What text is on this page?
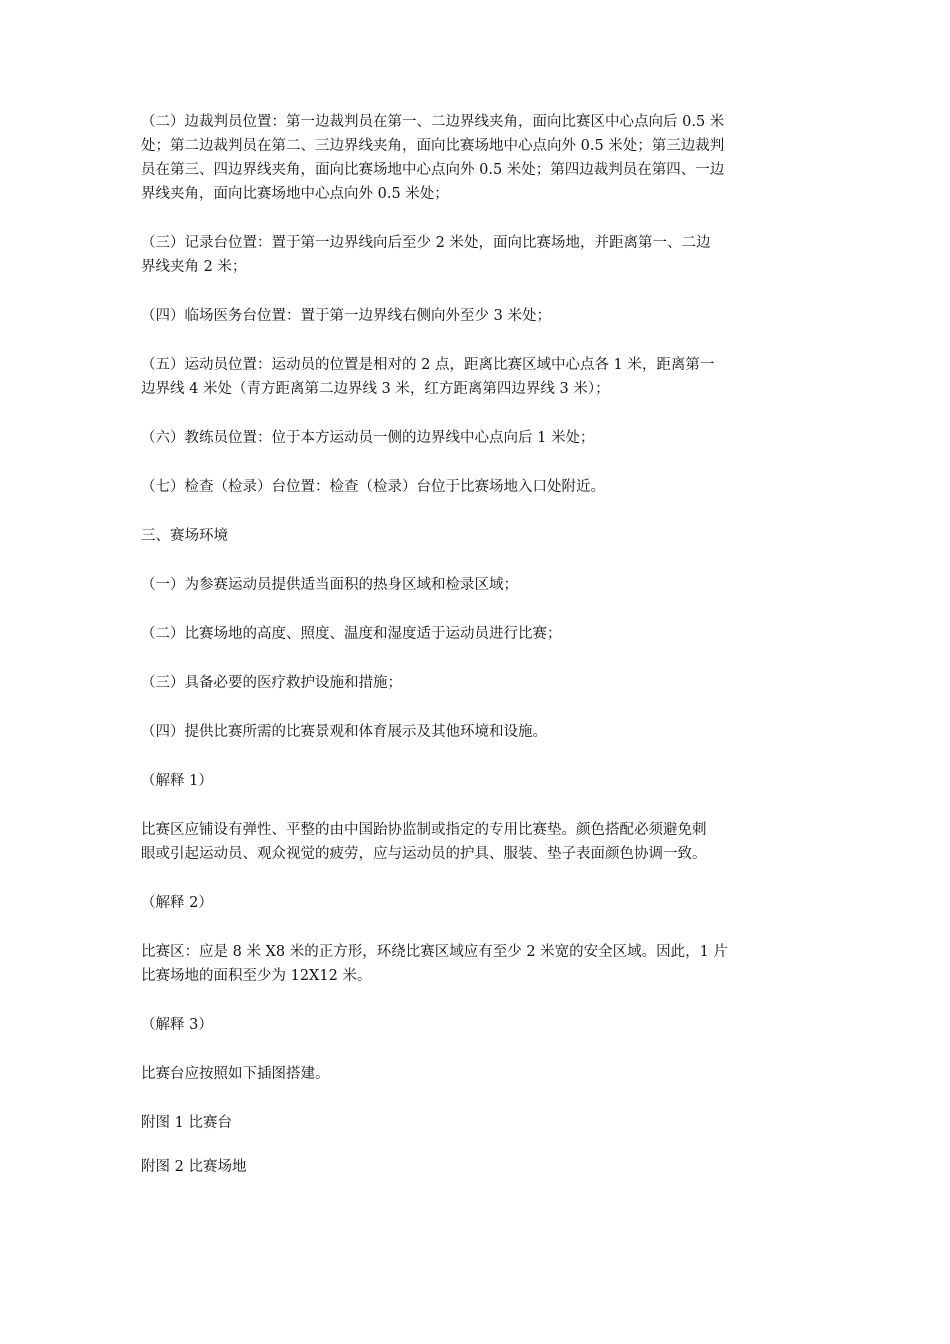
（二）边裁判员位置：第一边裁判员在第一、二边界线夹角，面向比赛区中心点向后 0.5 米
处；第二边裁判员在第二、三边界线夹角，面向比赛场地中心点向外 0.5 米处；第三边裁判
员在第三、四边界线夹角，面向比赛场地中心点向外 0.5 米处；第四边裁判员在第四、一边
界线夹角，面向比赛场地中心点向外 0.5 米处；

（三）记录台位置：置于第一边界线向后至少 2 米处，面向比赛场地，并距离第一、二边
界线夹角 2 米；

（四）临场医务台位置：置于第一边界线右侧向外至少 3 米处；

（五）运动员位置：运动员的位置是相对的 2 点，距离比赛区域中心点各 1 米，距离第一
边界线 4 米处（青方距离第二边界线 3 米，红方距离第四边界线 3 米）；

（六）教练员位置：位于本方运动员一侧的边界线中心点向后 1 米处；

（七）检查（检录）台位置：检查（检录）台位于比赛场地入口处附近。

三、赛场环境

（一）为参赛运动员提供适当面积的热身区域和检录区域；

（二）比赛场地的高度、照度、温度和湿度适于运动员进行比赛；

（三）具备必要的医疗救护设施和措施；

（四）提供比赛所需的比赛景观和体育展示及其他环境和设施。

（解释 1）

比赛区应铺设有弹性、平整的由中国跆协监制或指定的专用比赛垫。颜色搭配必须避免刺
眼或引起运动员、观众视觉的疲劳，应与运动员的护具、服装、垫子表面颜色协调一致。

（解释 2）

比赛区：应是 8 米 X8 米的正方形，环绕比赛区域应有至少 2 米宽的安全区域。因此，1 片
比赛场地的面积至少为 12X12 米。

（解释 3）

比赛台应按照如下插图搭建。

附图 1 比赛台

附图 2 比赛场地
